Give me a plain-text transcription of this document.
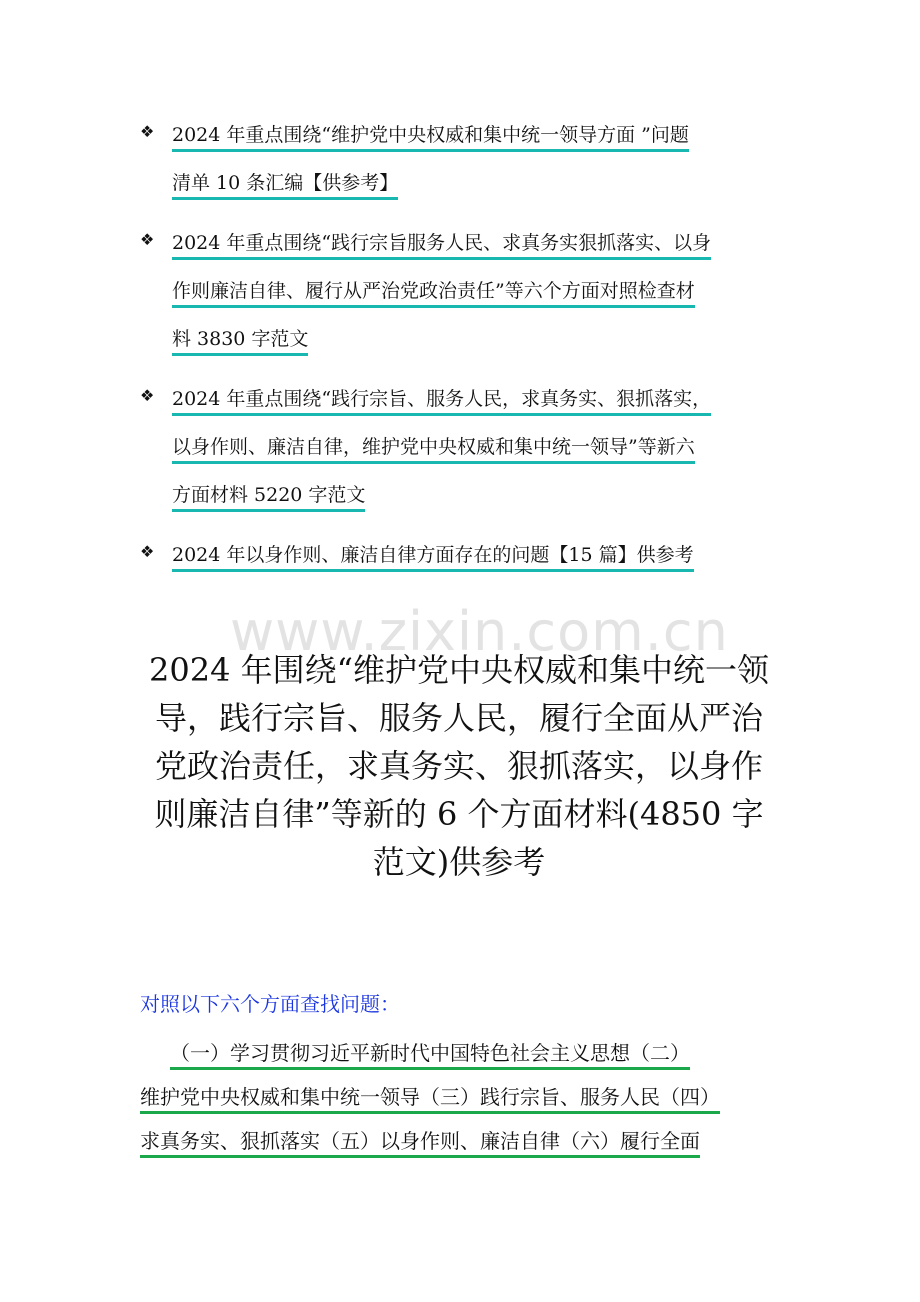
❖ 2024 年重点围绕“维护党中央权威和集中统一领导方面 ”问题
清单 10 条汇编【供参考】
❖ 2024 年重点围绕“践行宗旨服务人民、求真务实狠抓落实、以身
作则廉洁自律、履行从严治党政治责任”等六个方面对照检查材
料 3830 字范文
❖ 2024 年重点围绕“践行宗旨、服务人民，求真务实、狠抓落实，
以身作则、廉洁自律，维护党中央权威和集中统一领导”等新六
方面材料 5220 字范文
❖ 2024 年以身作则、廉洁自律方面存在的问题【15 篇】供参考
www.zixin.com.cn
2024 年围绕“维护党中央权威和集中统一领
导，践行宗旨、服务人民，履行全面从严治
党政治责任，求真务实、狠抓落实，以身作
则廉洁自律”等新的 6 个方面材料(4850 字
范文)供参考
对照以下六个方面查找问题：
（一）学习贯彻习近平新时代中国特色社会主义思想（二）
维护党中央权威和集中统一领导（三）践行宗旨、服务人民（四）
求真务实、狠抓落实（五）以身作则、廉洁自律（六）履行全面
